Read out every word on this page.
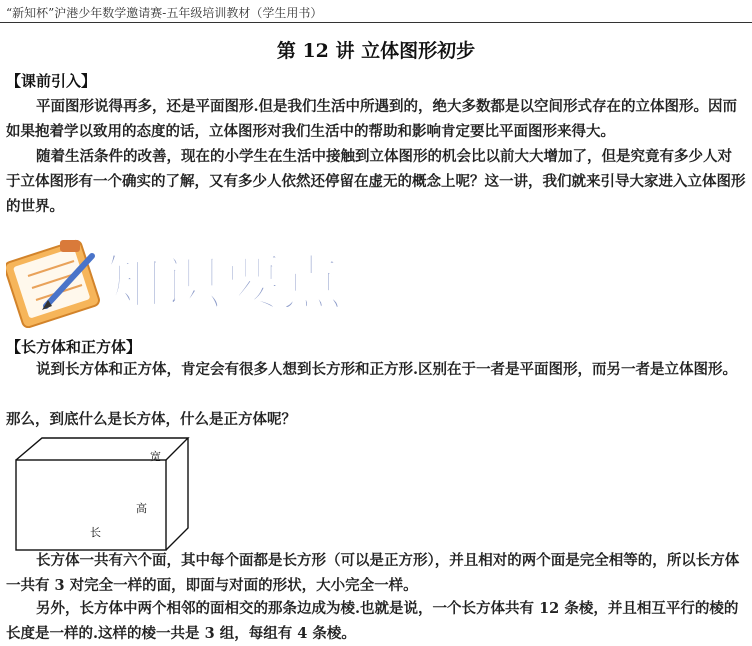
“新知杯”沪港少年数学邀请赛-五年级培训教材（学生用书）
第 12 讲 立体图形初步
【课前引入】
平面图形说得再多，还是平面图形.但是我们生活中所遇到的，绝大多数都是以空间形式存在的立体图形。因而如果抱着学以致用的态度的话，立体图形对我们生活中的帮助和影响肯定要比平面图形来得大。
随着生活条件的改善，现在的小学生在生活中接触到立体图形的机会比以前大大增加了，但是究竟有多少人对于立体图形有一个确实的了解，又有多少人依然还停留在虚无的概念上呢？这一讲，我们就来引导大家进入立体图形的世界。
知识要点
【长方体和正方体】
说到长方体和正方体，肯定会有很多人想到长方形和正方形.区别在于一者是平面图形，而另一者是立体图形。
那么，到底什么是长方体，什么是正方体呢？
宽
高
长
长方体一共有六个面，其中每个面都是长方形（可以是正方形），并且相对的两个面是完全相等的，所以长方体一共有 3 对完全一样的面，即面与对面的形状，大小完全一样。
另外，长方体中两个相邻的面相交的那条边成为棱.也就是说，一个长方体共有 12 条棱，并且相互平行的棱的长度是一样的.这样的棱一共是 3 组，每组有 4 条棱。
